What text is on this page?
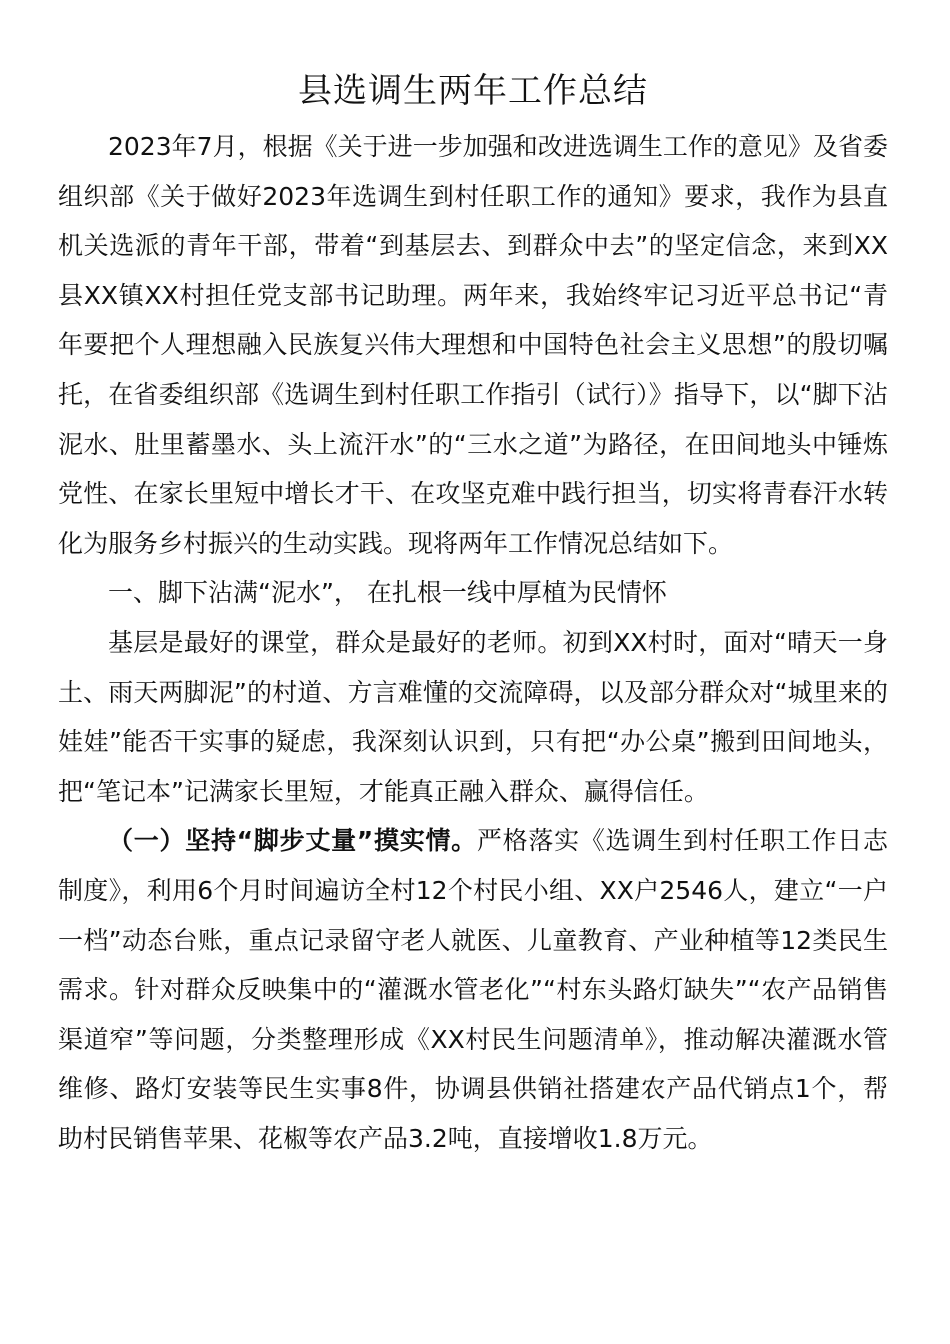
县选调生两年工作总结

2023年7月，根据《关于进一步加强和改进选调生工作的意见》及省委组织部《关于做好2023年选调生到村任职工作的通知》要求，我作为县直机关选派的青年干部，带着“到基层去、到群众中去”的坚定信念，来到XX县XX镇XX村担任党支部书记助理。两年来，我始终牢记习近平总书记“青年要把个人理想融入民族复兴伟大理想和中国特色社会主义思想”的殷切嘱托，在省委组织部《选调生到村任职工作指引（试行）》指导下，以“脚下沾泥水、肚里蓄墨水、头上流汗水”的“三水之道”为路径，在田间地头中锤炼党性、在家长里短中增长才干、在攻坚克难中践行担当，切实将青春汗水转化为服务乡村振兴的生动实践。现将两年工作情况总结如下。

一、脚下沾满“泥水”， 在扎根一线中厚植为民情怀

基层是最好的课堂，群众是最好的老师。初到XX村时，面对“晴天一身土、雨天两脚泥”的村道、方言难懂的交流障碍，以及部分群众对“城里来的娃娃”能否干实事的疑虑，我深刻认识到，只有把“办公桌”搬到田间地头，把“笔记本”记满家长里短，才能真正融入群众、赢得信任。

（一）坚持“脚步丈量”摸实情。严格落实《选调生到村任职工作日志制度》，利用6个月时间遍访全村12个村民小组、XX户2546人，建立“一户一档”动态台账，重点记录留守老人就医、儿童教育、产业种植等12类民生需求。针对群众反映集中的“灌溉水管老化”“村东头路灯缺失”“农产品销售渠道窄”等问题，分类整理形成《XX村民生问题清单》，推动解决灌溉水管维修、路灯安装等民生实事8件，协调县供销社搭建农产品代销点1个，帮助村民销售苹果、花椒等农产品3.2吨，直接增收1.8万元。
